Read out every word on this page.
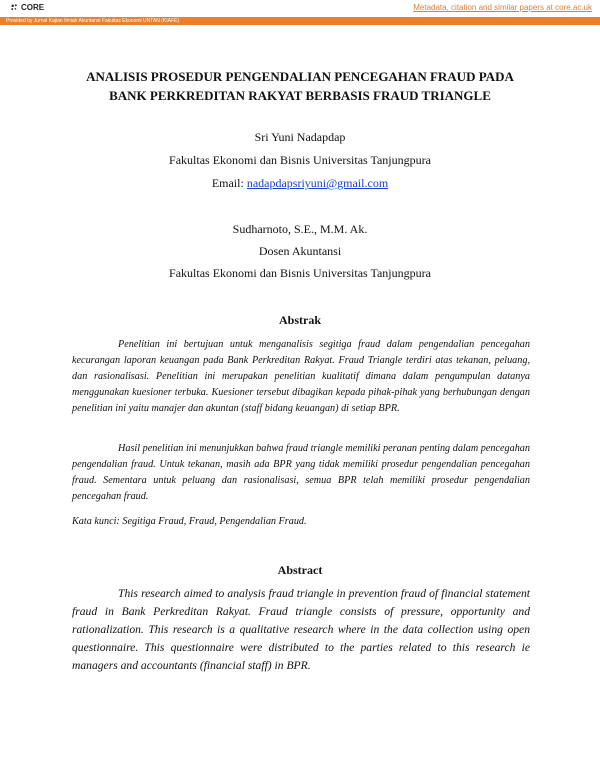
CORE	Metadata, citation and similar papers at core.ac.uk
Provided by Jurnal Kajian Ilmiah Akuntansi Fakultas Ekonomi UNTAN (KIAFE)
ANALISIS PROSEDUR PENGENDALIAN PENCEGAHAN FRAUD PADA
BANK PERKREDITAN RAKYAT BERBASIS FRAUD TRIANGLE
Sri Yuni Nadapdap
Fakultas Ekonomi dan Bisnis Universitas Tanjungpura
Email: nadapdapsriyuni@gmail.com
Sudharnoto, S.E., M.M. Ak.
Dosen Akuntansi
Fakultas Ekonomi dan Bisnis Universitas Tanjungpura
Abstrak
Penelitian ini bertujuan untuk menganalisis segitiga fraud dalam pengendalian pencegahan kecurangan laporan keuangan pada Bank Perkreditan Rakyat. Fraud Triangle terdiri atas tekanan, peluang, dan rasionalisasi. Penelitian ini merupakan penelitian kualitatif dimana dalam pengumpulan datanya menggunakan kuesioner terbuka. Kuesioner tersebut dibagikan kepada pihak-pihak yang berhubungan dengan penelitian ini yaitu manajer dan akuntan (staff bidang keuangan) di setiap BPR.
Hasil penelitian ini menunjukkan bahwa fraud triangle memiliki peranan penting dalam pencegahan pengendalian fraud. Untuk tekanan, masih ada BPR yang tidak memiliki prosedur pengendalian pencegahan fraud. Sementara untuk peluang dan rasionalisasi, semua BPR telah memiliki prosedur pengendalian pencegahan fraud.
Kata kunci: Segitiga Fraud, Fraud, Pengendalian Fraud.
Abstract
This research aimed to analysis fraud triangle in prevention fraud of financial statement fraud in Bank Perkreditan Rakyat. Fraud triangle consists of pressure, opportunity and rationalization. This research is a qualitative research where in the data collection using open questionnaire. This questionnaire were distributed to the parties related to this research ie managers and accountants (financial staff) in BPR.
